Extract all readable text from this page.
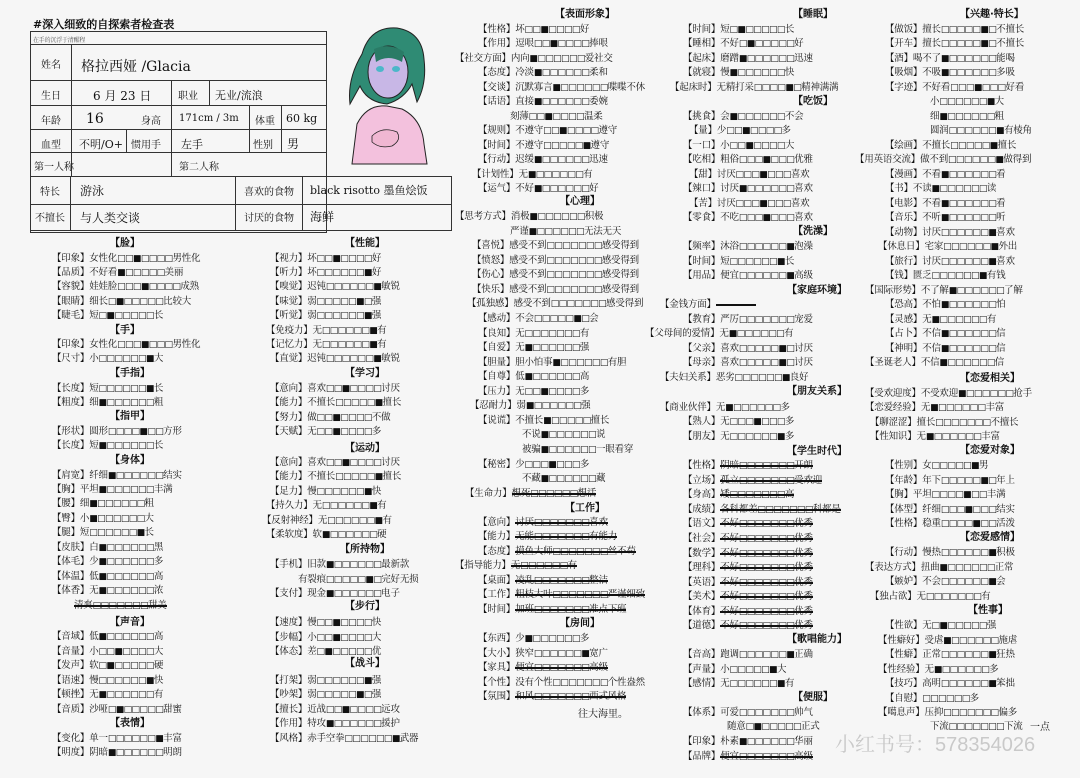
#深入细致的自探索者检查表
在手的沉浮于清醒程
姓名 格拉西娅 /Glacia
生日	6 月 23 日	职业 无业/流浪
年龄 16	身高 171cm / 3m 体重 60 kg
血型 不明/O+ 惯用手 左手	性别 男
第一人称	第二人称
特长 游泳	喜欢的食物 black risotto 墨鱼烩饭
不擅长 与人类交谈	讨厌的食物 海鲜
【脸】
【手】
【手指】
【指甲】
【身体】
【声音】
【表情】
【性能】
【学习】
【运动】
【所持物】
【步行】
【战斗】
【表面形象】
【心理】
【房间】
【睡眠】
【吃饭】
【洗澡】
【家庭环境】
【朋友关系】
【学生时代】
【工作】
【歌唱能力】
【便服】
【兴趣·特长】
【恋爱相关】
【恋爱对象】
【恋爱感情】
【性事】
【印象】女性化□□■□□□□男性化
【品质】不好看■□□□□□美丽
【容貌】娃娃脸□□□■□□□□成熟
【眼睛】细长□■□□□□□比较大
【睫毛】短□■□□□□□长
【印象】女性化□□□■□□□男性化
【尺寸】小□□□□□□■大
【长度】短□□□□□□■长
【粗度】细■□□□□□□粗
【形状】圆形□□□□■□□方形
【长度】短■□□□□□□长
【肩宽】纤细■□□□□□□结实
【胸】平坦■□□□□□□丰满
【腰】细■□□□□□□粗
【臀】小■□□□□□□大
【腿】短□□□□□□■长
【皮肤】白■□□□□□□黑
【体毛】少■□□□□□□多
【体温】低■□□□□□□高
【体香】无■□□□□□□浓
【音域】低■□□□□□□高
【音量】小□□■□□□□大
【发声】软□■□□□□□硬
【语速】慢□□□□□□■快
【顿挫】无■□□□□□□有
【音质】沙哑□■□□□□□甜蜜
【变化】单一□□□□□□■丰富
【明度】阴暗■□□□□□□明朗
【视力】坏□□■□□□□好
【听力】坏□□□□□□■好
【嗅觉】迟钝□□□□□□■敏锐
【味觉】弱□□□□□■□强
【听觉】弱□□□□□□■强
【免疫力】无□□□□□□■有
【记忆力】无□□□□□□■有
【直觉】迟钝□□□□□□■敏锐
【意向】喜欢□□■□□□□讨厌
【能力】不擅长□□□□□■擅长
【努力】做□□■□□□□不做
【天赋】无□□■□□□□多
【意向】喜欢□□■□□□□讨厌
【能力】不擅长□□□□□■擅长
【足力】慢□□□□□□■快
【持久力】无□□□□□□■有
【反射神经】无□□□□□□■有
【柔软度】软■□□□□□□硬
【手机】旧款■□□□□□□最新款
有裂痕□□□□□■□完好无损
【支付】现金■□□□□□□电子
【速度】慢□□■□□□□快
【步幅】小□□■□□□□大
【体态】差□■□□□□□优
【打架】弱□□□□□□■强
【吵架】弱□□□□□■□强
【擅长】近战□□■□□□□远攻
【作用】特攻■□□□□□□援护
【风格】赤手空拳□□□□□□■武器
【性格】坏□□■□□□□好
【作用】逗哏□□■□□□□捧哏
【社交方面】内向■□□□□□□爱社交
【态度】冷淡■□□□□□□柔和
【交谈】沉默寡言■□□□□□□喋喋不休
【话语】直接■□□□□□□委婉
刻薄□□■□□□□温柔
【规则】不遵守□□■□□□□遵守
【时间】不遵守□□□□□■遵守
【行动】迟缓■□□□□□□迅速
【计划性】无■□□□□□□有
【运气】不好■□□□□□□好
【思考方式】消极■□□□□□□积极
严谨■□□□□□□无法无天
【喜悦】感受不到□□□□□□□感受得到
【愤怒】感受不到□□□□□□□感受得到
【伤心】感受不到□□□□□□□感受得到
【快乐】感受不到□□□□□□□感受得到
【孤独感】感受不到□□□□□□□感受得到
【感动】不会□□□□□■□会
【良知】无□□□□□□□有
【自爱】无■□□□□□□强
【胆量】胆小怕事■□□□□□□有胆
【自尊】低■□□□□□□高
【压力】无□□■□□□□多
【忍耐力】弱■□□□□□□强
【说谎】不擅长■□□□□□擅长
不说■□□□□□□说
被骗■□□□□□□一眼看穿
【秘密】少□□□■□□□多
不藏■□□□□□□藏
【生命力】
【意向】
【能力】
【态度】
【指导能力】
【桌面】
【工作】
【时间】
【东西】少■□□□□□□多
【大小】狭窄□□□□□□■宽广
【家具】
【个性】没有个性□□□□□□□个性盎然
【氛围】
【时间】短□■□□□□□长
【睡相】不好□■□□□□□好
【起床】磨蹭■□□□□□□迅速
【就寝】慢■□□□□□□快
【起床时】无精打采□□□□■□精神满满
【挑食】会■□□□□□□不会
【量】少□□■□□□□多
【一口】小□□■□□□□大
【吃相】粗俗□□□■□□□优雅
【甜】讨厌□□□■□□□喜欢
【辣口】讨厌■□□□□□□喜欢
【苦】讨厌□□□■□□□喜欢
【零食】不吃□□□■□□□喜欢
【频率】沐浴□□□□□□■泡澡
【时间】短□□□□□□■长
【用品】便宜□□□□□□■高级
【金钱方面】
【教育】严厉□□□□□□□宠爱
【父母间的爱情】无■□□□□□□有
【父亲】喜欢□□□□□■□讨厌
【母亲】喜欢□□□□□■□讨厌
【夫妇关系】恶劣□□□□□□■良好
【商业伙伴】无■□□□□□□多
【熟人】无□□□■□□□多
【朋友】无□□□□□□■多
【性格】
【立场】
【身高】
【成绩】
【语文】
【社会】
【数学】
【理科】
【英语】
【美术】
【体育】
【道德】
【音高】跑调□□□□□□■正确
【声量】小□□□□□■大
【感情】无□□□□□□■有
【体系】可爱□□□□□□□帅气
随意□■□□□□□正式
【印象】朴素■□□□□□□华丽
【品牌】
【做饭】擅长□□□□□■□不擅长
【开车】擅长□□□□□■□不擅长
【酒】喝不了■□□□□□□能喝
【吸烟】不吸■□□□□□□多吸
【字迹】不好看□□□■□□□好看
小□□□□□□■大
细■□□□□□□粗
圆润□□□□□□■有棱角
【绘画】不擅长□□□□□■擅长
【用英语交流】做不到□□□□□□■做得到
【漫画】不看■□□□□□□看
【书】不读■□□□□□□读
【电影】不看■□□□□□□看
【音乐】不听■□□□□□□听
【动物】讨厌□□□□□□■喜欢
【休息日】宅家□□□□□□■外出
【旅行】讨厌□□□□□□■喜欢
【钱】匮乏□□□□□□■有钱
【国际形势】不了解■□□□□□□了解
【恐高】不怕■□□□□□□怕
【灵感】无■□□□□□□有
【占卜】不信■□□□□□□信
【神明】不信■□□□□□□信
【圣诞老人】不信■□□□□□□信
【受欢迎度】不受欢迎■□□□□□□抢手
【恋爱经验】无■□□□□□□丰富
【聊涩涩】擅长□□□□□□□不擅长
【性知识】无■□□□□□□丰富
【性别】女□□□□□■男
【年龄】年下□□□□□■□年上
【胸】平坦□□□□■□□丰满
【体型】纤细□□□■□□□结实
【性格】稳重□□□□■□□活泼
【行动】慢热□□□□□□■积极
【表达方式】扭曲■□□□□□□正常
【嫉妒】不会□□□□□□■会
【独占欲】无□□□□□□□有
【性欲】无□■□□□□□强
【性癖好】受虐■□□□□□□施虐
【性癖】正常□□□□□□■狂热
【性经验】无■□□□□□□多
【技巧】高明□□□□□□■笨拙
【自慰】□□□□□□多
【噶息声】压抑□□□□□□□偏多
下流□□□□□□□下流
往大海里。
一点
小红书号：578354026
